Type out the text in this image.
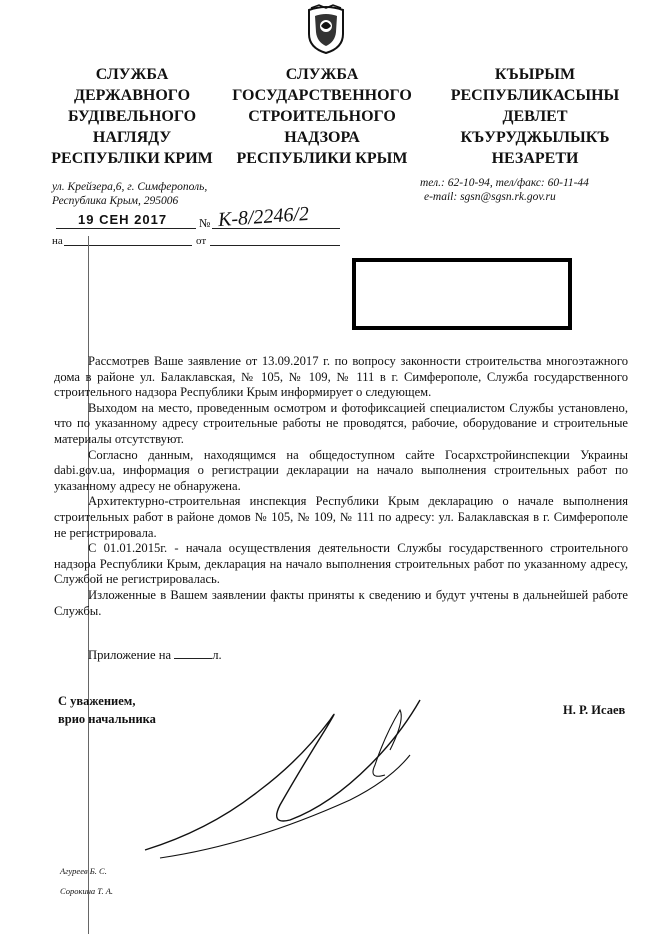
СЛУЖБА
ДЕРЖАВНОГО
БУДІВЕЛЬНОГО
НАГЛЯДУ
РЕСПУБЛІКИ КРИМ
СЛУЖБА
ГОСУДАРСТВЕННОГО
СТРОИТЕЛЬНОГО
НАДЗОРА
РЕСПУБЛИКИ КРЫМ
КЪЫРЫМ
РЕСПУБЛИКАСЫНЫ
ДЕВЛЕТ
КЪУРУДЖЫЛЫКЪ
НЕЗАРЕТИ
ул. Крейзера,6, г. Симферополь,
Республика Крым, 295006
тел.: 62-10-94, тел/факс: 60-11-44
e-mail: sgsn@sgsn.rk.gov.ru
19 СЕН 2017	№ К-8/2246/2
на	от

Рассмотрев Ваше заявление от 13.09.2017 г. по вопросу законности строительства многоэтажного дома в районе ул. Балаклавская, № 105, № 109, № 111 в г. Симферополе, Служба государственного строительного надзора Республики Крым информирует о следующем.

Выходом на место, проведенным осмотром и фотофиксацией специалистом Службы установлено, что по указанному адресу строительные работы не проводятся, рабочие, оборудование и строительные материалы отсутствуют.

Согласно данным, находящимся на общедоступном сайте Госархстройинспекции Украины dabi.gov.ua, информация о регистрации декларации на начало выполнения строительных работ по указанному адресу не обнаружена.

Архитектурно-строительная инспекция Республики Крым декларацию о начале выполнения строительных работ в районе домов № 105, № 109, № 111 по адресу: ул. Балаклавская в г. Симферополе не регистрировала.

С 01.01.2015г. - начала осуществления деятельности Службы государственного строительного надзора Республики Крым, декларация на начало выполнения строительных работ по указанному адресу, Службой не регистрировалась.

Изложенные в Вашем заявлении факты приняты к сведению и будут учтены в дальнейшей работе Службы.

Приложение на	л.
С уважением,
врио начальника
Н. Р. Исаев
Агуреев Б. С.
Сорокина Т. А.
